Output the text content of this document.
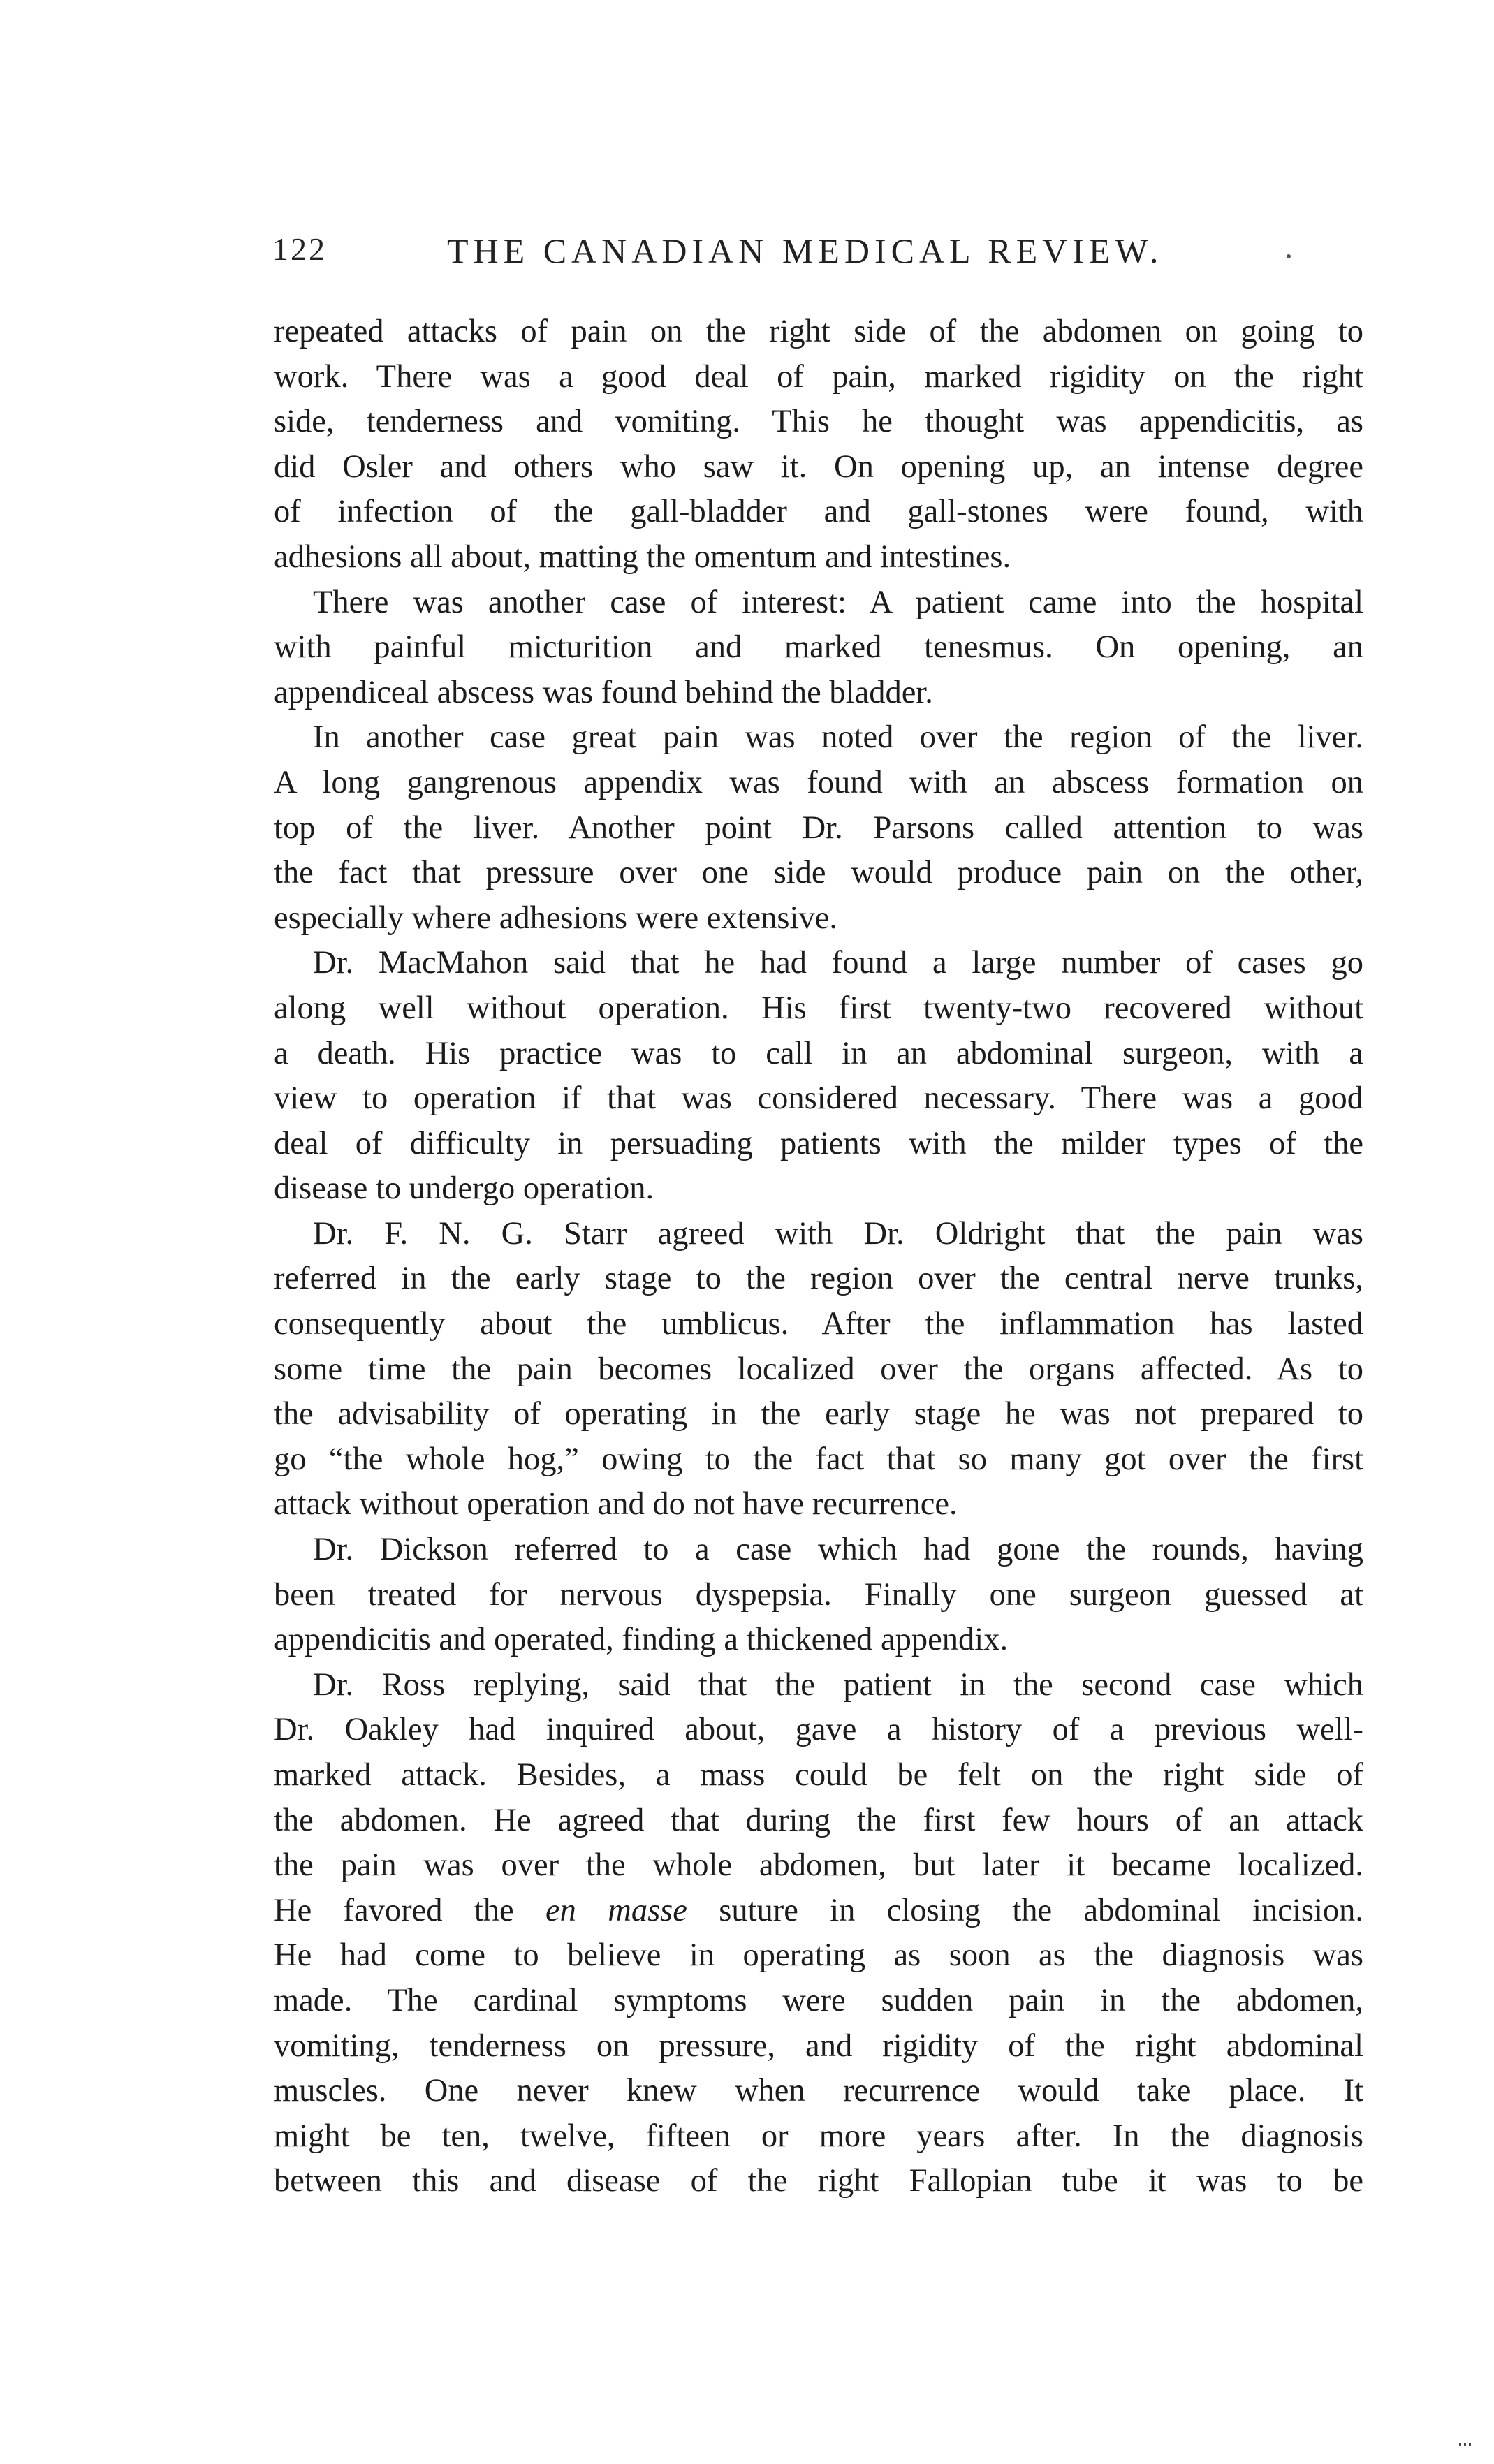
122	THE CANADIAN MEDICAL REVIEW.
repeated attacks of pain on the right side of the abdomen on going to
work. There was a good deal of pain, marked rigidity on the right
side, tenderness and vomiting. This he thought was appendicitis, as
did Osler and others who saw it. On opening up, an intense degree
of infection of the gall-bladder and gall-stones were found, with
adhesions all about, matting the omentum and intestines.
There was another case of interest: A patient came into the hospital
with painful micturition and marked tenesmus. On opening, an
appendiceal abscess was found behind the bladder.
In another case great pain was noted over the region of the liver.
A long gangrenous appendix was found with an abscess formation on
top of the liver. Another point Dr. Parsons called attention to was
the fact that pressure over one side would produce pain on the other,
especially where adhesions were extensive.
Dr. MacMahon said that he had found a large number of cases go
along well without operation. His first twenty-two recovered without
a death. His practice was to call in an abdominal surgeon, with a
view to operation if that was considered necessary. There was a good
deal of difficulty in persuading patients with the milder types of the
disease to undergo operation.
Dr. F. N. G. Starr agreed with Dr. Oldright that the pain was
referred in the early stage to the region over the central nerve trunks,
consequently about the umblicus. After the inflammation has lasted
some time the pain becomes localized over the organs affected. As to
the advisability of operating in the early stage he was not prepared to
go “the whole hog,” owing to the fact that so many got over the first
attack without operation and do not have recurrence.
Dr. Dickson referred to a case which had gone the rounds, having
been treated for nervous dyspepsia. Finally one surgeon guessed at
appendicitis and operated, finding a thickened appendix.
Dr. Ross replying, said that the patient in the second case which
Dr. Oakley had inquired about, gave a history of a previous well-
marked attack. Besides, a mass could be felt on the right side of
the abdomen. He agreed that during the first few hours of an attack
the pain was over the whole abdomen, but later it became localized.
He favored the en masse suture in closing the abdominal incision.
He had come to believe in operating as soon as the diagnosis was
made. The cardinal symptoms were sudden pain in the abdomen,
vomiting, tenderness on pressure, and rigidity of the right abdominal
muscles. One never knew when recurrence would take place. It
might be ten, twelve, fifteen or more years after. In the diagnosis
between this and disease of the right Fallopian tube it was to be
